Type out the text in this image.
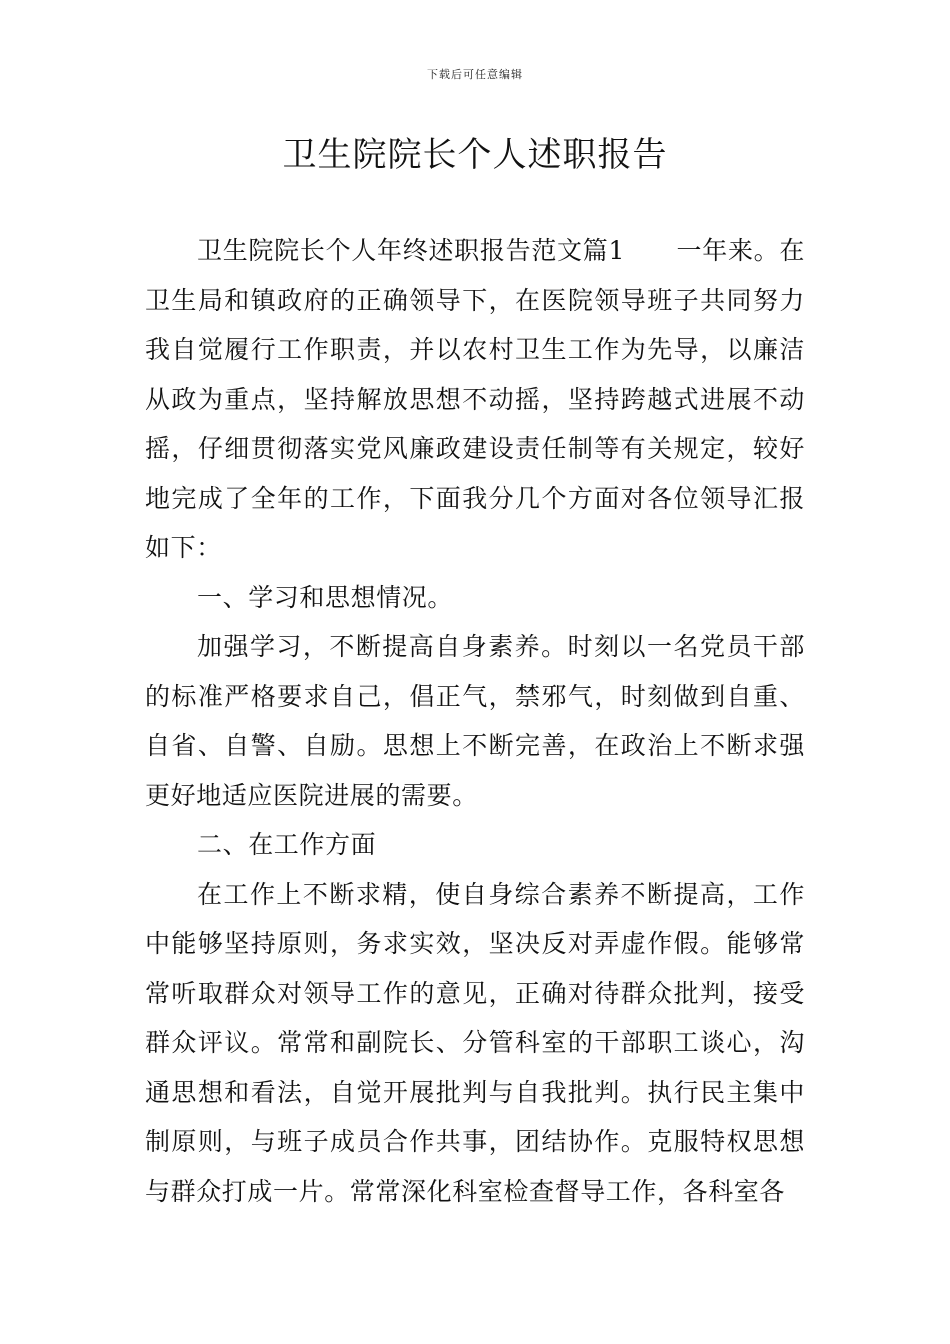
下载后可任意编辑
卫生院院长个人述职报告

卫生院院长个人年终述职报告范文篇1　　一年来。在卫生局和镇政府的正确领导下，在医院领导班子共同努力我自觉履行工作职责，并以农村卫生工作为先导，以廉洁从政为重点，坚持解放思想不动摇，坚持跨越式进展不动摇，仔细贯彻落实党风廉政建设责任制等有关规定，较好地完成了全年的工作，下面我分几个方面对各位领导汇报如下：

一、学习和思想情况。

加强学习，不断提高自身素养。时刻以一名党员干部的标准严格要求自己，倡正气，禁邪气，时刻做到自重、自省、自警、自励。思想上不断完善，在政治上不断求强更好地适应医院进展的需要。

二、在工作方面

在工作上不断求精，使自身综合素养不断提高，工作中能够坚持原则，务求实效，坚决反对弄虚作假。能够常常听取群众对领导工作的意见，正确对待群众批判，接受群众评议。常常和副院长、分管科室的干部职工谈心，沟通思想和看法，自觉开展批判与自我批判。执行民主集中制原则，与班子成员合作共事，团结协作。克服特权思想与群众打成一片。常常深化科室检查督导工作，各科室各
